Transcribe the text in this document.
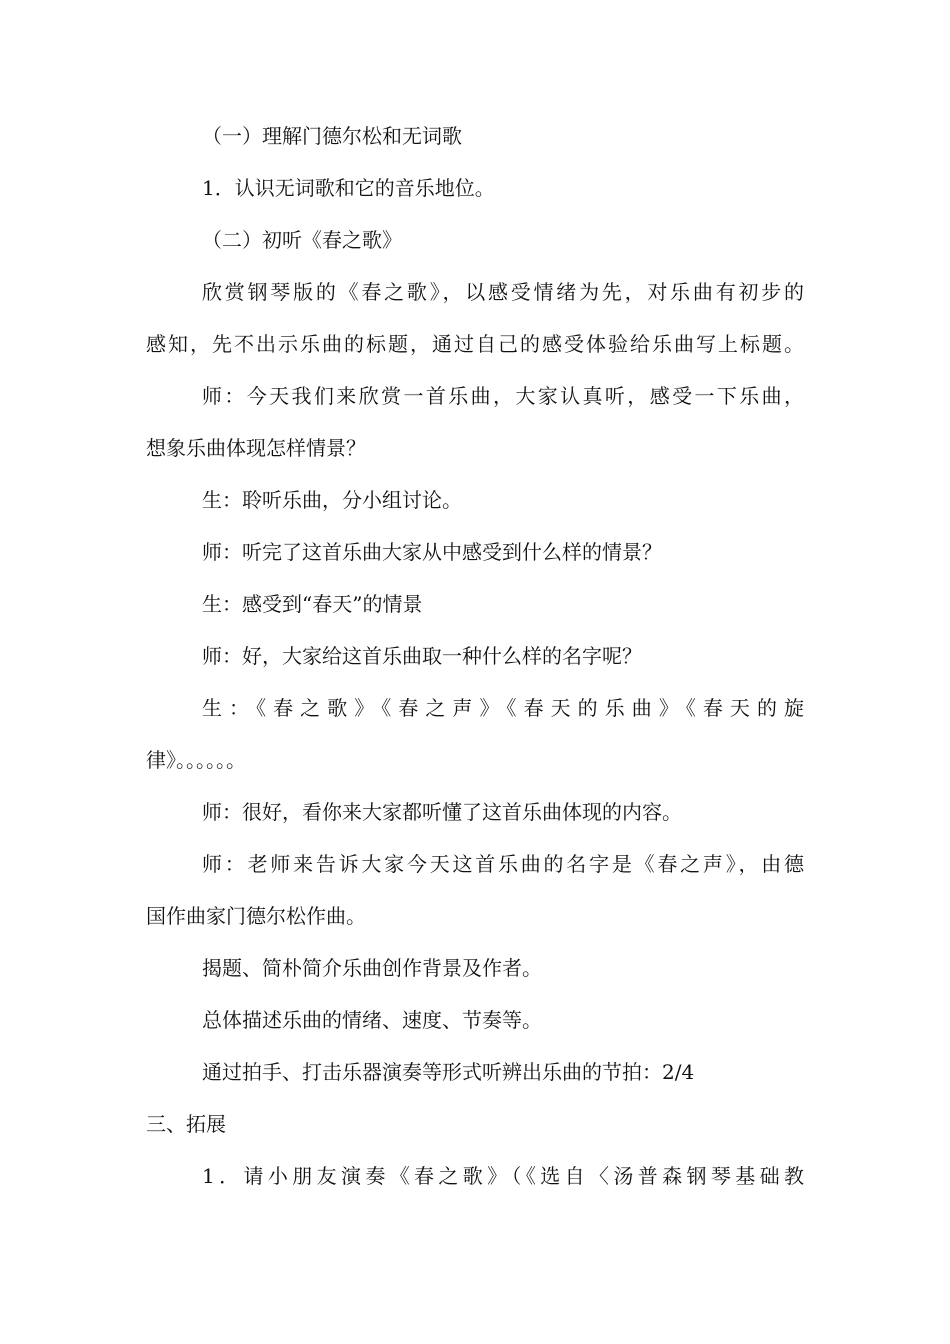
（一）理解门德尔松和无词歌
1．认识无词歌和它的音乐地位。
（二）初听《春之歌》
欣赏钢琴版的《春之歌》，以感受情绪为先，对乐曲有初步的
感知，先不出示乐曲的标题，通过自己的感受体验给乐曲写上标题。
师：今天我们来欣赏一首乐曲，大家认真听，感受一下乐曲，
想象乐曲体现怎样情景？
生：聆听乐曲，分小组讨论。
师：听完了这首乐曲大家从中感受到什么样的情景？
生：感受到“春天”的情景
师：好，大家给这首乐曲取一种什么样的名字呢？
生：《春之歌》《春之声》《春天的乐曲》《春天的旋
律》。。。。。。
师：很好，看你来大家都听懂了这首乐曲体现的内容。
师：老师来告诉大家今天这首乐曲的名字是《春之声》，由德
国作曲家门德尔松作曲。
揭题、简朴简介乐曲创作背景及作者。
总体描述乐曲的情绪、速度、节奏等。
通过拍手、打击乐器演奏等形式听辨出乐曲的节拍：2/4
三、拓展
1．请小朋友演奏《春之歌》（《选自〈汤普森钢琴基础教
